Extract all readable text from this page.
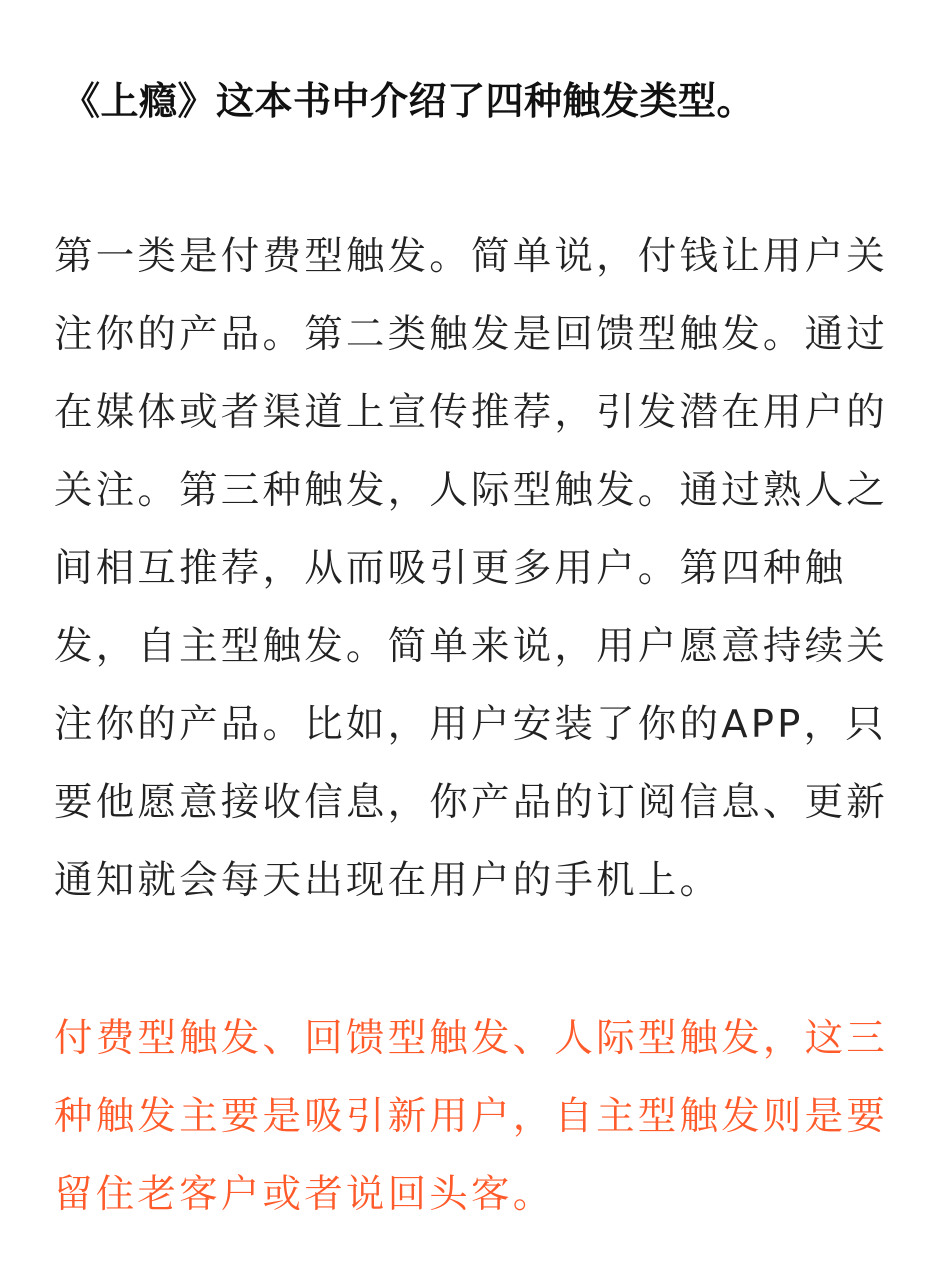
《上瘾》这本书中介绍了四种触发类型。

第一类是付费型触发。简单说，付钱让用户关
注你的产品。第二类触发是回馈型触发。通过
在媒体或者渠道上宣传推荐，引发潜在用户的
关注。第三种触发，人际型触发。通过熟人之
间相互推荐，从而吸引更多用户。第四种触
发，自主型触发。简单来说，用户愿意持续关
注你的产品。比如，用户安装了你的APP，只
要他愿意接收信息，你产品的订阅信息、更新
通知就会每天出现在用户的手机上。

付费型触发、回馈型触发、人际型触发，这三
种触发主要是吸引新用户，自主型触发则是要
留住老客户或者说回头客。
